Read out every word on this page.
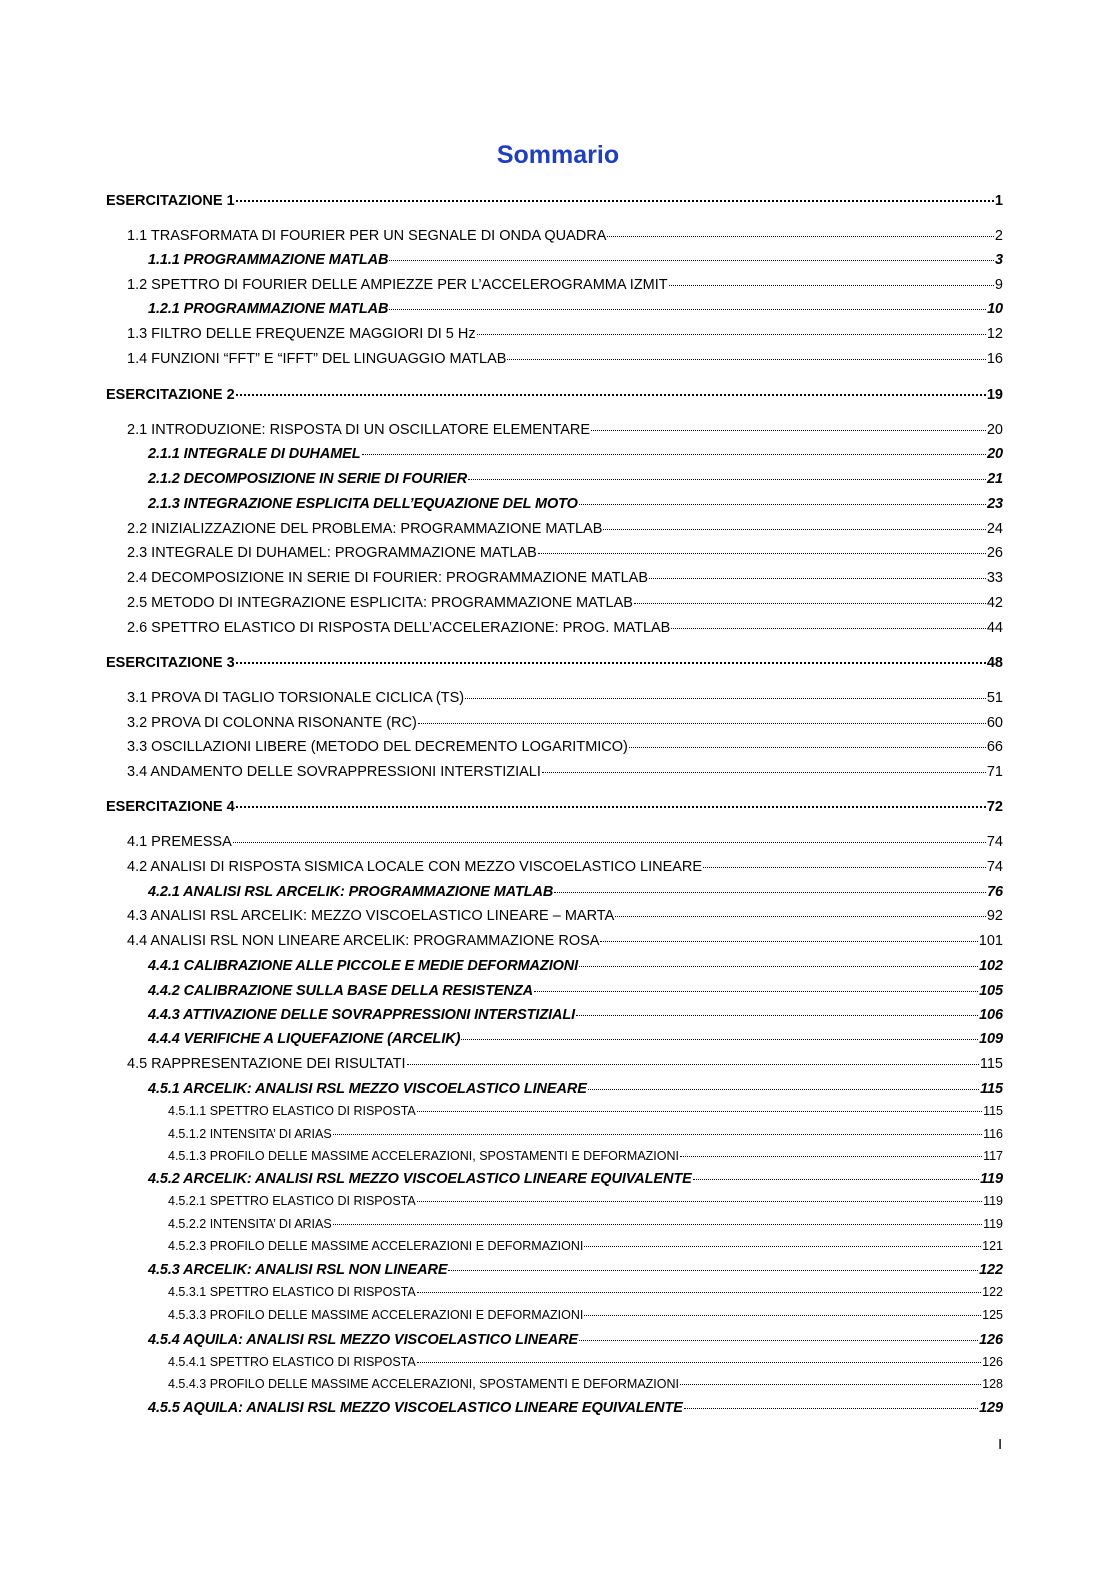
Sommario
ESERCITAZIONE 1	1
1.1 TRASFORMATA DI FOURIER PER UN SEGNALE DI ONDA QUADRA	2
1.1.1 PROGRAMMAZIONE MATLAB	3
1.2 SPETTRO DI FOURIER DELLE AMPIEZZE PER L’ACCELEROGRAMMA IZMIT	9
1.2.1 PROGRAMMAZIONE MATLAB	10
1.3 FILTRO DELLE FREQUENZE MAGGIORI DI 5 Hz	12
1.4 FUNZIONI “FFT” E “IFFT” DEL LINGUAGGIO MATLAB	16
ESERCITAZIONE 2	19
2.1 INTRODUZIONE: RISPOSTA DI UN OSCILLATORE ELEMENTARE	20
2.1.1 INTEGRALE DI DUHAMEL	20
2.1.2 DECOMPOSIZIONE IN SERIE DI FOURIER	21
2.1.3 INTEGRAZIONE ESPLICITA DELL’EQUAZIONE DEL MOTO	23
2.2 INIZIALIZZAZIONE DEL PROBLEMA: PROGRAMMAZIONE MATLAB	24
2.3 INTEGRALE DI DUHAMEL: PROGRAMMAZIONE MATLAB	26
2.4 DECOMPOSIZIONE IN SERIE DI FOURIER: PROGRAMMAZIONE MATLAB	33
2.5 METODO DI INTEGRAZIONE ESPLICITA: PROGRAMMAZIONE MATLAB	42
2.6 SPETTRO ELASTICO DI RISPOSTA DELL’ACCELERAZIONE: PROG. MATLAB	44
ESERCITAZIONE 3	48
3.1 PROVA DI TAGLIO TORSIONALE CICLICA (TS)	51
3.2 PROVA DI COLONNA RISONANTE (RC)	60
3.3 OSCILLAZIONI LIBERE (METODO DEL DECREMENTO LOGARITMICO)	66
3.4 ANDAMENTO DELLE SOVRAPPRESSIONI INTERSTIZIALI	71
ESERCITAZIONE 4	72
4.1 PREMESSA	74
4.2 ANALISI DI RISPOSTA SISMICA LOCALE CON MEZZO VISCOELASTICO LINEARE	74
4.2.1 ANALISI RSL ARCELIK: PROGRAMMAZIONE MATLAB	76
4.3 ANALISI RSL ARCELIK: MEZZO VISCOELASTICO LINEARE – MARTA	92
4.4 ANALISI RSL NON LINEARE ARCELIK: PROGRAMMAZIONE ROSA	101
4.4.1 CALIBRAZIONE ALLE PICCOLE E MEDIE DEFORMAZIONI	102
4.4.2 CALIBRAZIONE SULLA BASE DELLA RESISTENZA	105
4.4.3 ATTIVAZIONE DELLE SOVRAPPRESSIONI INTERSTIZIALI	106
4.4.4 VERIFICHE A LIQUEFAZIONE (ARCELIK)	109
4.5 RAPPRESENTAZIONE DEI RISULTATI	115
4.5.1 ARCELIK: ANALISI RSL MEZZO VISCOELASTICO LINEARE	115
4.5.1.1 SPETTRO ELASTICO DI RISPOSTA	115
4.5.1.2 INTENSITA’ DI ARIAS	116
4.5.1.3 PROFILO DELLE MASSIME ACCELERAZIONI, SPOSTAMENTI E DEFORMAZIONI	117
4.5.2 ARCELIK: ANALISI RSL MEZZO VISCOELASTICO LINEARE EQUIVALENTE	119
4.5.2.1 SPETTRO ELASTICO DI RISPOSTA	119
4.5.2.2 INTENSITA’ DI ARIAS	119
4.5.2.3 PROFILO DELLE MASSIME ACCELERAZIONI E DEFORMAZIONI	121
4.5.3 ARCELIK: ANALISI RSL NON LINEARE	122
4.5.3.1 SPETTRO ELASTICO DI RISPOSTA	122
4.5.3.3 PROFILO DELLE MASSIME ACCELERAZIONI E DEFORMAZIONI	125
4.5.4 AQUILA: ANALISI RSL MEZZO VISCOELASTICO LINEARE	126
4.5.4.1 SPETTRO ELASTICO DI RISPOSTA	126
4.5.4.3 PROFILO DELLE MASSIME ACCELERAZIONI, SPOSTAMENTI E DEFORMAZIONI	128
4.5.5 AQUILA: ANALISI RSL MEZZO VISCOELASTICO LINEARE EQUIVALENTE	129
I
